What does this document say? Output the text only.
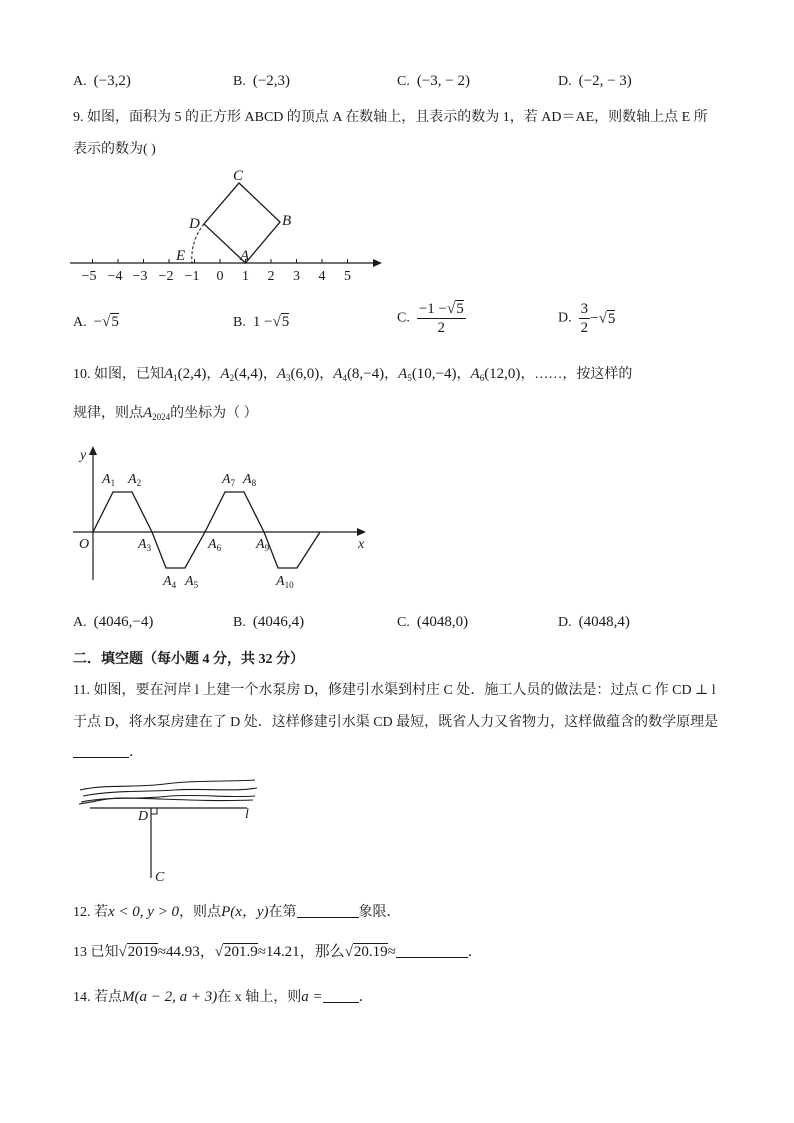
A. (−3,2)	B. (−2,3)	C. (−3, − 2)	D. (−2, − 3)
9. 如图，面积为 5 的正方形 ABCD 的顶点 A 在数轴上，且表示的数为 1，若 AD＝AE，则数轴上点 E 所
表示的数为( )
−5 −4 −3 −2 −1 0 1 2 3 4 5
C
D	B
E	A
A. −√5	B. 1 −√5	C. $\frac{-1 -√5}{2}$	D. $\frac{3}{2} -√5$
10. 如图，已知$A_1(2,4)$，$A_2(4,4)$，$A_3(6,0)$，$A_4(8,-4)$，$A_5(10,-4)$，$A_6(12,0)$，……，按这样的
规律，则点$A_{2024}$的坐标为（ ）
y
x
O
$A_1$ $A_2$
$A_3$
$A_4$ $A_5$
$A_6$
$A_7$ $A_8$
$A_9$
$A_{10}$
A. (4046,−4)	B. (4046,4)	C. (4048,0)	D. (4048,4)
二．填空题（每小题 4 分，共 32 分）
11. 如图，要在河岸 l 上建一个水泵房 D，修建引水渠到村庄 C 处．施工人员的做法是：过点 C 作 CD ⊥ l
于点 D，将水泵房建在了 D 处．这样修建引水渠 CD 最短，既省人力又省物力，这样做蕴含的数学原理是
．
D	l
C
12. 若x < 0, y > 0，则点P(x，y)在第	象限．
13 已知√2019≈44.93，√201.9≈14.21，那么√20.19≈	．
14. 若点M(a − 2, a + 3)在 x 轴上，则a =	．
